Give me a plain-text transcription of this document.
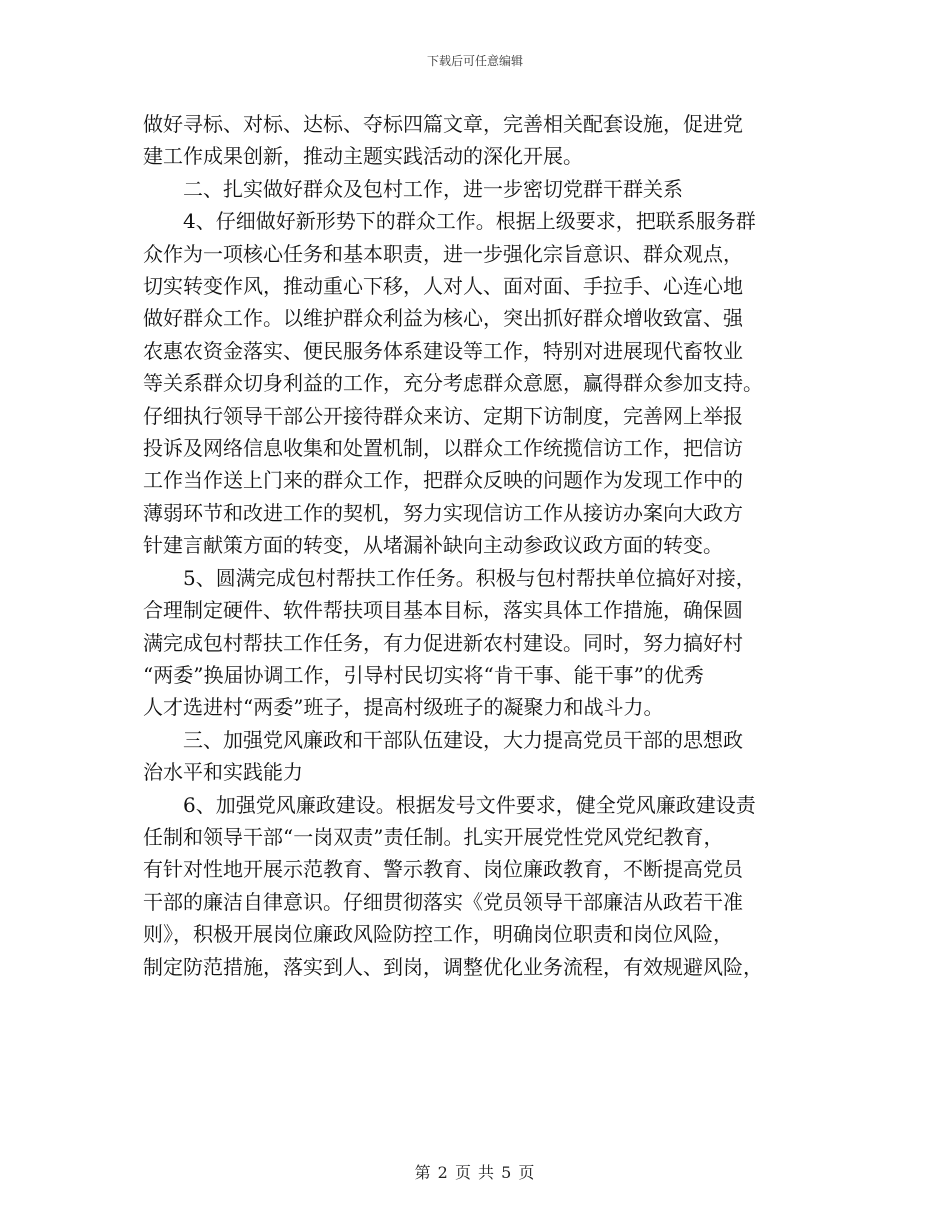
下载后可任意编辑
做好寻标、对标、达标、夺标四篇文章，完善相关配套设施，促进党
建工作成果创新，推动主题实践活动的深化开展。
　　二、扎实做好群众及包村工作，进一步密切党群干群关系
　　4、仔细做好新形势下的群众工作。根据上级要求，把联系服务群
众作为一项核心任务和基本职责，进一步强化宗旨意识、群众观点，
切实转变作风，推动重心下移，人对人、面对面、手拉手、心连心地
做好群众工作。以维护群众利益为核心，突出抓好群众增收致富、强
农惠农资金落实、便民服务体系建设等工作，特别对进展现代畜牧业
等关系群众切身利益的工作，充分考虑群众意愿，赢得群众参加支持。
仔细执行领导干部公开接待群众来访、定期下访制度，完善网上举报
投诉及网络信息收集和处置机制，以群众工作统揽信访工作，把信访
工作当作送上门来的群众工作，把群众反映的问题作为发现工作中的
薄弱环节和改进工作的契机，努力实现信访工作从接访办案向大政方
针建言献策方面的转变，从堵漏补缺向主动参政议政方面的转变。
　　5、圆满完成包村帮扶工作任务。积极与包村帮扶单位搞好对接，
合理制定硬件、软件帮扶项目基本目标，落实具体工作措施，确保圆
满完成包村帮扶工作任务，有力促进新农村建设。同时，努力搞好村
“两委”换届协调工作，引导村民切实将“肯干事、能干事”的优秀
人才选进村“两委”班子，提高村级班子的凝聚力和战斗力。
　　三、加强党风廉政和干部队伍建设，大力提高党员干部的思想政
治水平和实践能力
　　6、加强党风廉政建设。根据发号文件要求，健全党风廉政建设责
任制和领导干部“一岗双责”责任制。扎实开展党性党风党纪教育，
有针对性地开展示范教育、警示教育、岗位廉政教育，不断提高党员
干部的廉洁自律意识。仔细贯彻落实《党员领导干部廉洁从政若干准
则》，积极开展岗位廉政风险防控工作，明确岗位职责和岗位风险，
制定防范措施，落实到人、到岗，调整优化业务流程，有效规避风险，
第 2 页 共 5 页
